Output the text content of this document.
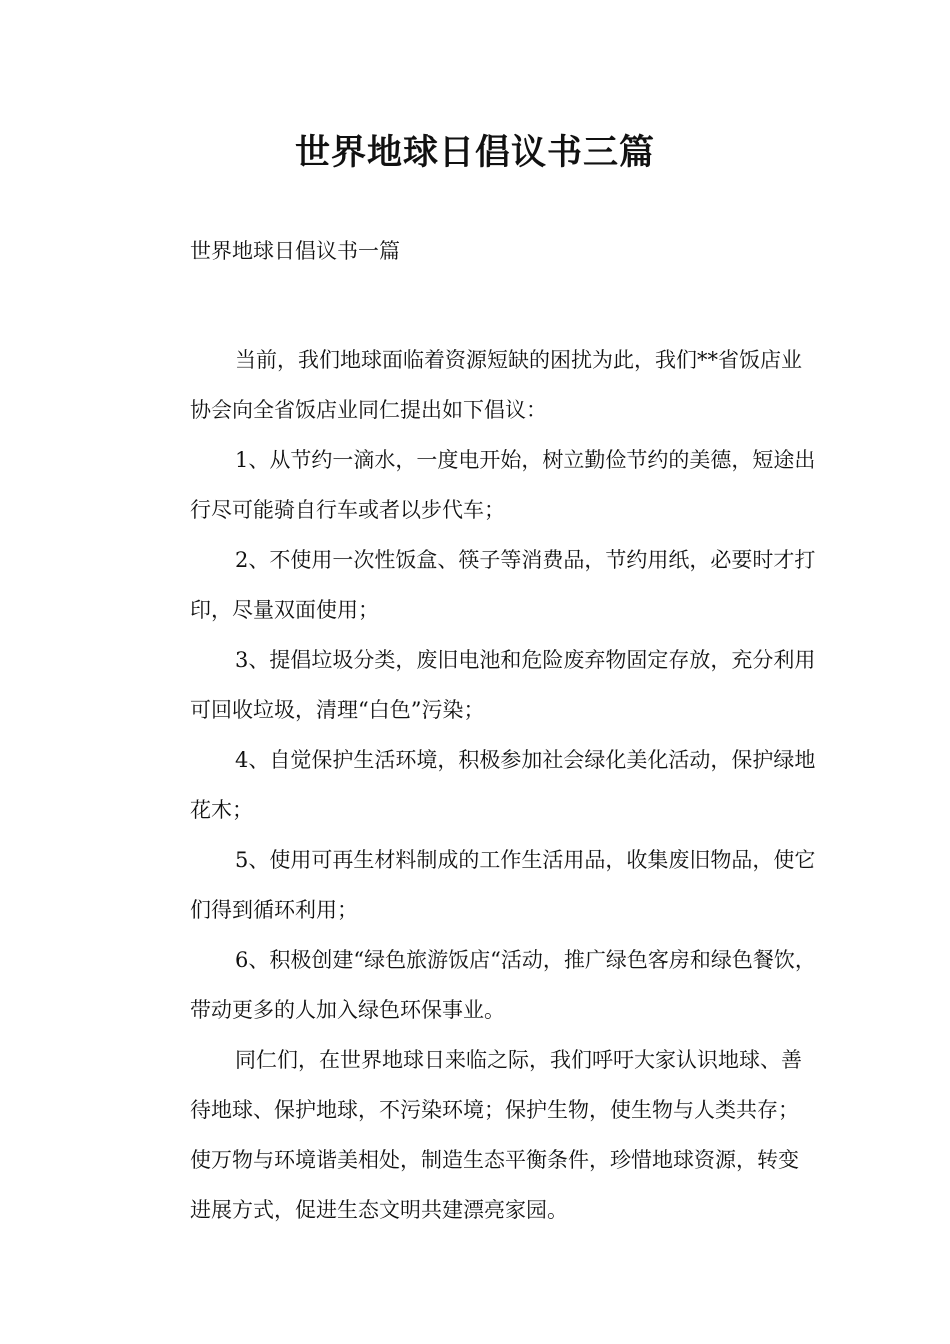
世界地球日倡议书三篇

世界地球日倡议书一篇

当前，我们地球面临着资源短缺的困扰为此，我们**省饭店业
协会向全省饭店业同仁提出如下倡议：
1、从节约一滴水，一度电开始，树立勤俭节约的美德，短途出
行尽可能骑自行车或者以步代车；
2、不使用一次性饭盒、筷子等消费品，节约用纸，必要时才打
印，尽量双面使用；
3、提倡垃圾分类，废旧电池和危险废弃物固定存放，充分利用
可回收垃圾，清理“白色”污染；
4、自觉保护生活环境，积极参加社会绿化美化活动，保护绿地
花木；
5、使用可再生材料制成的工作生活用品，收集废旧物品，使它
们得到循环利用；
6、积极创建“绿色旅游饭店“活动，推广绿色客房和绿色餐饮，
带动更多的人加入绿色环保事业。
同仁们，在世界地球日来临之际，我们呼吁大家认识地球、善
待地球、保护地球，不污染环境；保护生物，使生物与人类共存；
使万物与环境谐美相处，制造生态平衡条件，珍惜地球资源，转变
进展方式，促进生态文明共建漂亮家园。
